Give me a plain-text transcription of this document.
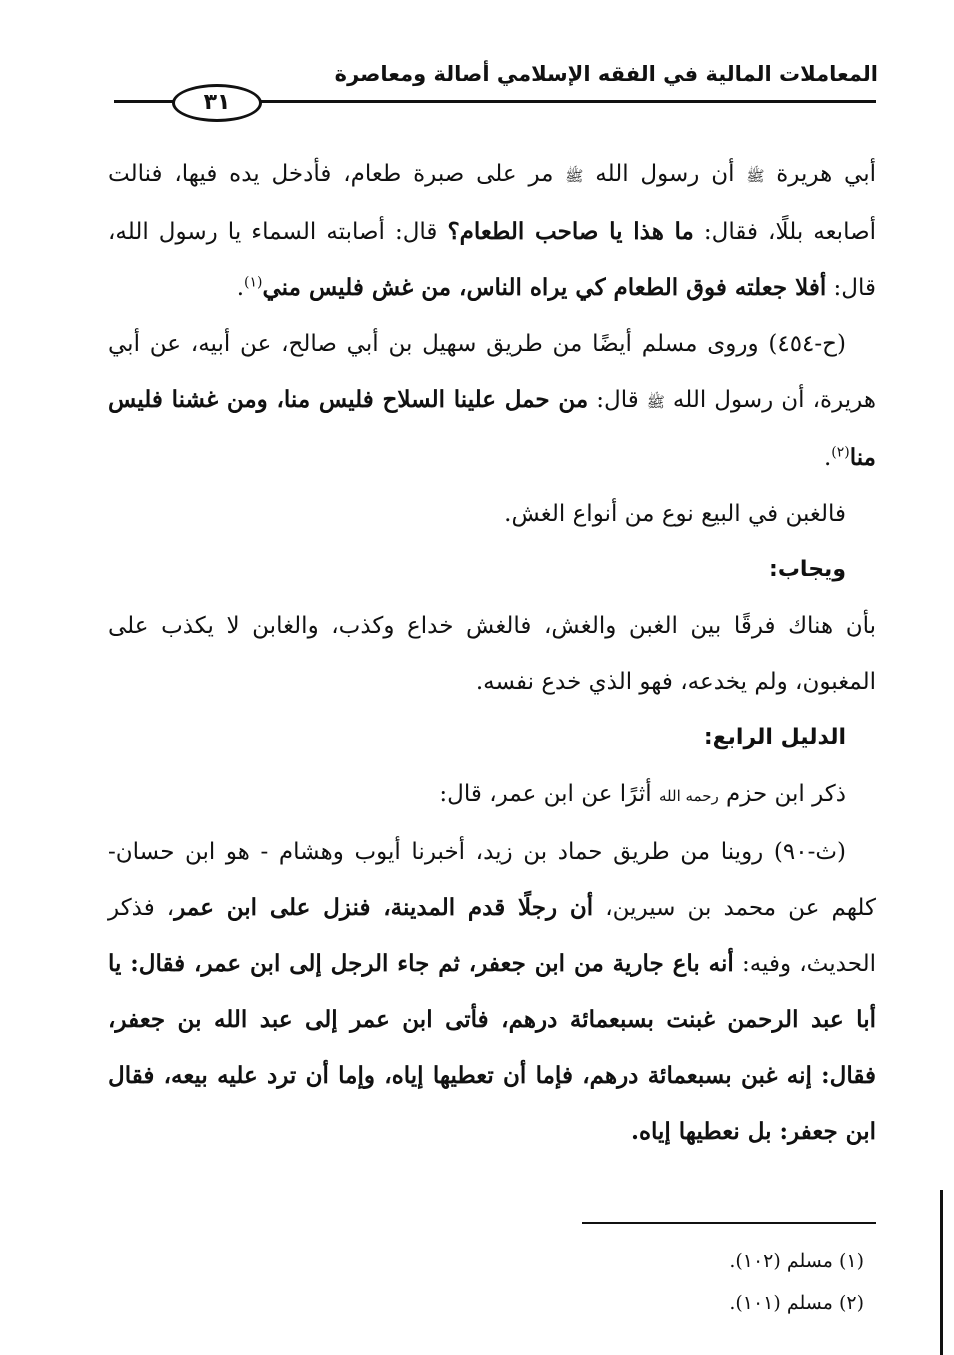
المعاملات المالية في الفقه الإسلامي أصالة ومعاصرة
٣١

أبي هريرة ﷺ أن رسول الله ﷺ مر على صبرة طعام، فأدخل يده فيها، فنالت أصابعه بللًا، فقال: ما هذا يا صاحب الطعام؟ قال: أصابته السماء يا رسول الله، قال: أفلا جعلته فوق الطعام كي يراه الناس، من غش فليس مني$^{(١)}$.

(ح-٤٥٤) وروى مسلم أيضًا من طريق سهيل بن أبي صالح، عن أبيه، عن أبي هريرة، أن رسول الله ﷺ قال: من حمل علينا السلاح فليس منا، ومن غشنا فليس منا$^{(٢)}$.

فالغبن في البيع نوع من أنواع الغش.

ويجاب:

بأن هناك فرقًا بين الغبن والغش، فالغش خداع وكذب، والغابن لا يكذب على المغبون، ولم يخدعه، فهو الذي خدع نفسه.

الدليل الرابع:

ذكر ابن حزم رحمه الله أثرًا عن ابن عمر، قال:

(ث-٩٠) روينا من طريق حماد بن زيد، أخبرنا أيوب وهشام - هو ابن حسان- كلهم عن محمد بن سيرين، أن رجلًا قدم المدينة، فنزل على ابن عمر، فذكر الحديث، وفيه: أنه باع جارية من ابن جعفر، ثم جاء الرجل إلى ابن عمر، فقال: يا أبا عبد الرحمن غبنت بسبعمائة درهم، فأتى ابن عمر إلى عبد الله بن جعفر، فقال: إنه غبن بسبعمائة درهم، فإما أن تعطيها إياه، وإما أن ترد عليه بيعه، فقال ابن جعفر: بل نعطيها إياه.

(١) مسلم (١٠٢).

(٢) مسلم (١٠١).
